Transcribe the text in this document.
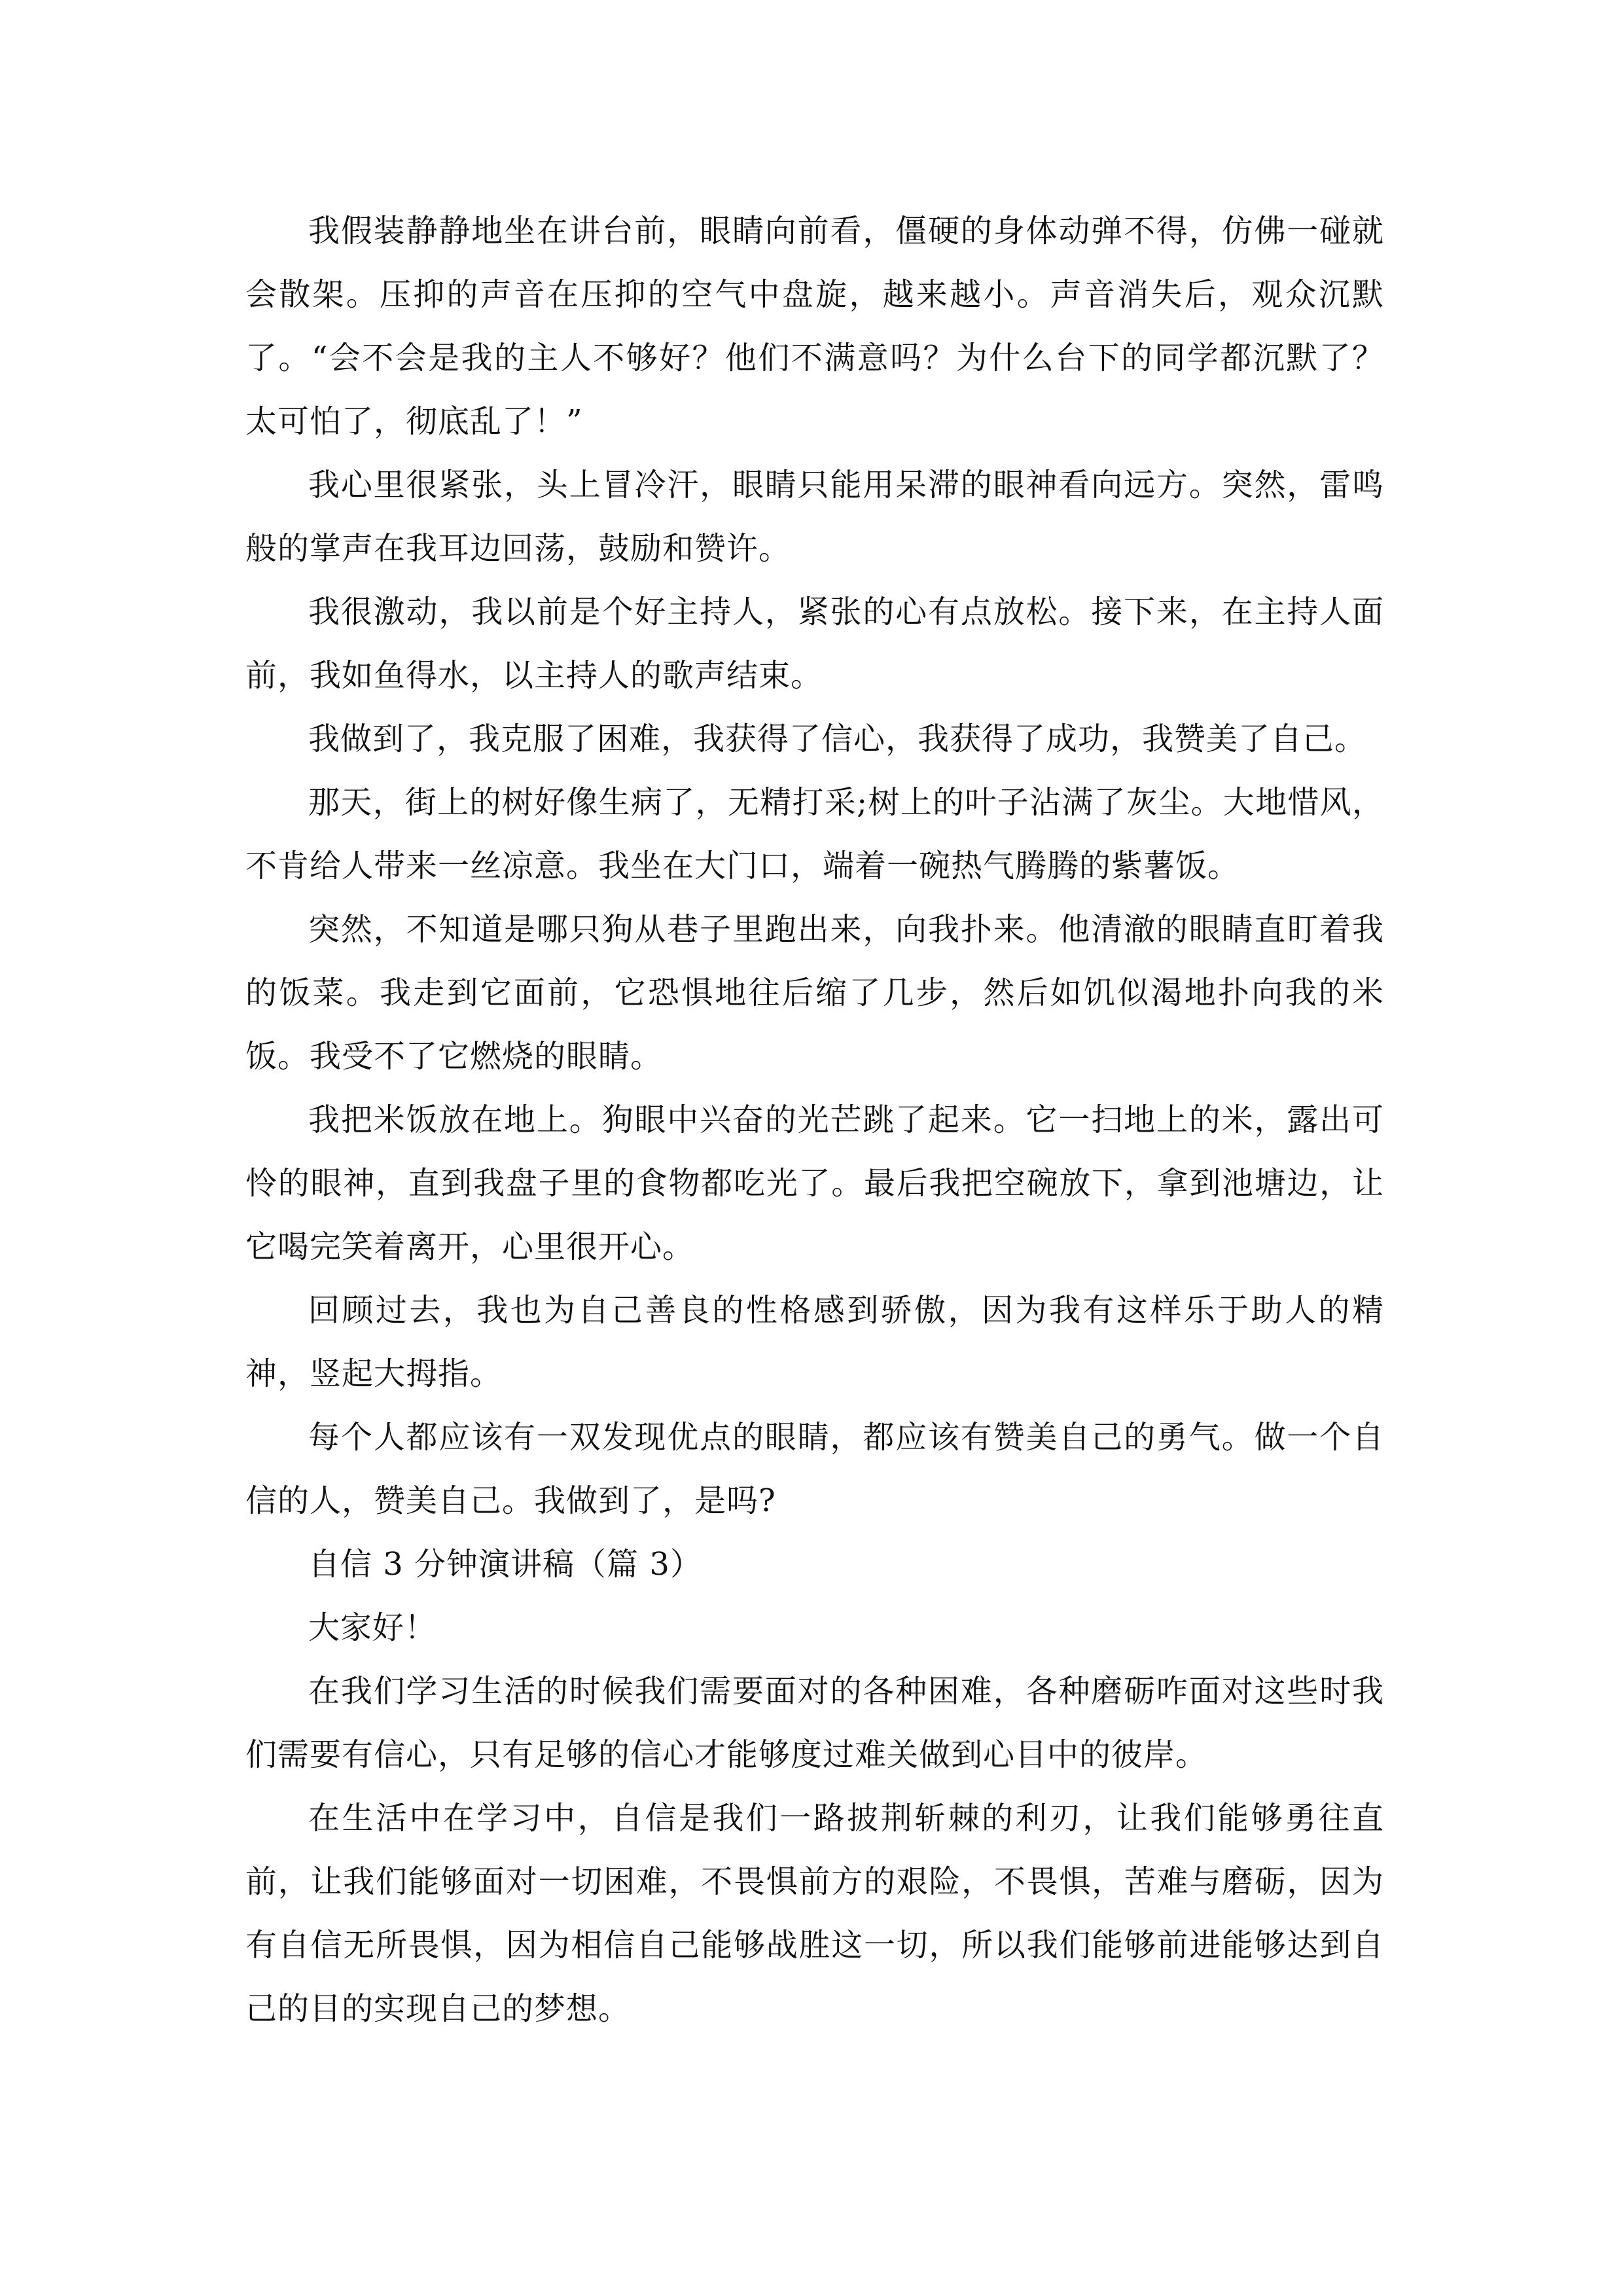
我假装静静地坐在讲台前，眼睛向前看，僵硬的身体动弹不得，仿佛一碰就会散架。压抑的声音在压抑的空气中盘旋，越来越小。声音消失后，观众沉默了。“会不会是我的主人不够好？他们不满意吗？为什么台下的同学都沉默了？太可怕了，彻底乱了！”

我心里很紧张，头上冒冷汗，眼睛只能用呆滞的眼神看向远方。突然，雷鸣般的掌声在我耳边回荡，鼓励和赞许。

我很激动，我以前是个好主持人，紧张的心有点放松。接下来，在主持人面前，我如鱼得水，以主持人的歌声结束。

我做到了，我克服了困难，我获得了信心，我获得了成功，我赞美了自己。

那天，街上的树好像生病了，无精打采;树上的叶子沾满了灰尘。大地惜风，不肯给人带来一丝凉意。我坐在大门口，端着一碗热气腾腾的紫薯饭。

突然，不知道是哪只狗从巷子里跑出来，向我扑来。他清澈的眼睛直盯着我的饭菜。我走到它面前，它恐惧地往后缩了几步，然后如饥似渴地扑向我的米饭。我受不了它燃烧的眼睛。

我把米饭放在地上。狗眼中兴奋的光芒跳了起来。它一扫地上的米，露出可怜的眼神，直到我盘子里的食物都吃光了。最后我把空碗放下，拿到池塘边，让它喝完笑着离开，心里很开心。

回顾过去，我也为自己善良的性格感到骄傲，因为我有这样乐于助人的精神，竖起大拇指。

每个人都应该有一双发现优点的眼睛，都应该有赞美自己的勇气。做一个自信的人，赞美自己。我做到了，是吗?

自信 3 分钟演讲稿（篇 3）

大家好！

在我们学习生活的时候我们需要面对的各种困难，各种磨砺咋面对这些时我们需要有信心，只有足够的信心才能够度过难关做到心目中的彼岸。

在生活中在学习中，自信是我们一路披荆斩棘的利刃，让我们能够勇往直前，让我们能够面对一切困难，不畏惧前方的艰险，不畏惧，苦难与磨砺，因为有自信无所畏惧，因为相信自己能够战胜这一切，所以我们能够前进能够达到自己的目的实现自己的梦想。
